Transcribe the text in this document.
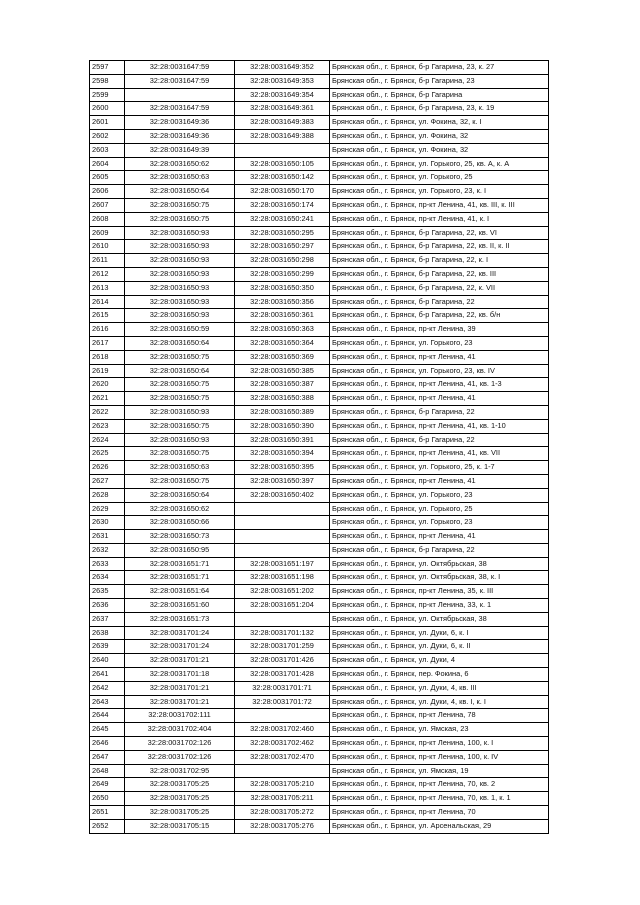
2597	32:28:0031647:59	32:28:0031649:352	Брянская обл., г. Брянск, б-р Гагарина, 23, к. 27
2598	32:28:0031647:59	32:28:0031649:353	Брянская обл., г. Брянск, б-р Гагарина, 23
2599		32:28:0031649:354	Брянская обл., г. Брянск, б-р Гагарина
2600	32:28:0031647:59	32:28:0031649:361	Брянская обл., г. Брянск, б-р Гагарина, 23, к. 19
2601	32:28:0031649:36	32:28:0031649:383	Брянская обл., г. Брянск, ул. Фокина, 32, к. I
2602	32:28:0031649:36	32:28:0031649:388	Брянская обл., г. Брянск, ул. Фокина, 32
2603	32:28:0031649:39		Брянская обл., г. Брянск, ул. Фокина, 32
2604	32:28:0031650:62	32:28:0031650:105	Брянская обл., г. Брянск, ул. Горького, 25, кв. А, к. А
2605	32:28:0031650:63	32:28:0031650:142	Брянская обл., г. Брянск, ул. Горького, 25
2606	32:28:0031650:64	32:28:0031650:170	Брянская обл., г. Брянск, ул. Горького, 23, к. I
2607	32:28:0031650:75	32:28:0031650:174	Брянская обл., г. Брянск, пр-кт Ленина, 41, кв. III, к. III
2608	32:28:0031650:75	32:28:0031650:241	Брянская обл., г. Брянск, пр-кт Ленина, 41, к. I
2609	32:28:0031650:93	32:28:0031650:295	Брянская обл., г. Брянск, б-р Гагарина, 22, кв. VI
2610	32:28:0031650:93	32:28:0031650:297	Брянская обл., г. Брянск, б-р Гагарина, 22, кв. II, к. II
2611	32:28:0031650:93	32:28:0031650:298	Брянская обл., г. Брянск, б-р Гагарина, 22, к. I
2612	32:28:0031650:93	32:28:0031650:299	Брянская обл., г. Брянск, б-р Гагарина, 22, кв. III
2613	32:28:0031650:93	32:28:0031650:350	Брянская обл., г. Брянск, б-р Гагарина, 22, к. VII
2614	32:28:0031650:93	32:28:0031650:356	Брянская обл., г. Брянск, б-р Гагарина, 22
2615	32:28:0031650:93	32:28:0031650:361	Брянская обл., г. Брянск, б-р Гагарина, 22, кв. б/н
2616	32:28:0031650:59	32:28:0031650:363	Брянская обл., г. Брянск, пр-кт Ленина, 39
2617	32:28:0031650:64	32:28:0031650:364	Брянская обл., г. Брянск, ул. Горького, 23
2618	32:28:0031650:75	32:28:0031650:369	Брянская обл., г. Брянск, пр-кт Ленина, 41
2619	32:28:0031650:64	32:28:0031650:385	Брянская обл., г. Брянск, ул. Горького, 23, кв. IV
2620	32:28:0031650:75	32:28:0031650:387	Брянская обл., г. Брянск, пр-кт Ленина, 41, кв. 1-3
2621	32:28:0031650:75	32:28:0031650:388	Брянская обл., г. Брянск, пр-кт Ленина, 41
2622	32:28:0031650:93	32:28:0031650:389	Брянская обл., г. Брянск, б-р Гагарина, 22
2623	32:28:0031650:75	32:28:0031650:390	Брянская обл., г. Брянск, пр-кт Ленина, 41, кв. 1-10
2624	32:28:0031650:93	32:28:0031650:391	Брянская обл., г. Брянск, б-р Гагарина, 22
2625	32:28:0031650:75	32:28:0031650:394	Брянская обл., г. Брянск, пр-кт Ленина, 41, кв. VII
2626	32:28:0031650:63	32:28:0031650:395	Брянская обл., г. Брянск, ул. Горького, 25, к. 1-7
2627	32:28:0031650:75	32:28:0031650:397	Брянская обл., г. Брянск, пр-кт Ленина, 41
2628	32:28:0031650:64	32:28:0031650:402	Брянская обл., г. Брянск, ул. Горького, 23
2629	32:28:0031650:62		Брянская обл., г. Брянск, ул. Горького, 25
2630	32:28:0031650:66		Брянская обл., г. Брянск, ул. Горького, 23
2631	32:28:0031650:73		Брянская обл., г. Брянск, пр-кт Ленина, 41
2632	32:28:0031650:95		Брянская обл., г. Брянск, б-р Гагарина, 22
2633	32:28:0031651:71	32:28:0031651:197	Брянская обл., г. Брянск, ул. Октябрьская, 38
2634	32:28:0031651:71	32:28:0031651:198	Брянская обл., г. Брянск, ул. Октябрьская, 38, к. I
2635	32:28:0031651:64	32:28:0031651:202	Брянская обл., г. Брянск, пр-кт Ленина, 35, к. III
2636	32:28:0031651:60	32:28:0031651:204	Брянская обл., г. Брянск, пр-кт Ленина, 33, к. 1
2637	32:28:0031651:73		Брянская обл., г. Брянск, ул. Октябрьская, 38
2638	32:28:0031701:24	32:28:0031701:132	Брянская обл., г. Брянск, ул. Дуки, 6, к. I
2639	32:28:0031701:24	32:28:0031701:259	Брянская обл., г. Брянск, ул. Дуки, 6, к. II
2640	32:28:0031701:21	32:28:0031701:426	Брянская обл., г. Брянск, ул. Дуки, 4
2641	32:28:0031701:18	32:28:0031701:428	Брянская обл., г. Брянск, пер. Фокина, 6
2642	32:28:0031701:21	32:28:0031701:71	Брянская обл., г. Брянск, ул. Дуки, 4, кв. III
2643	32:28:0031701:21	32:28:0031701:72	Брянская обл., г. Брянск, ул. Дуки, 4, кв. I, к. I
2644	32:28:0031702:111		Брянская обл., г. Брянск, пр-кт Ленина, 78
2645	32:28:0031702:404	32:28:0031702:460	Брянская обл., г. Брянск, ул. Ямская, 23
2646	32:28:0031702:126	32:28:0031702:462	Брянская обл., г. Брянск, пр-кт Ленина, 100, к. I
2647	32:28:0031702:126	32:28:0031702:470	Брянская обл., г. Брянск, пр-кт Ленина, 100, к. IV
2648	32:28:0031702:95		Брянская обл., г. Брянск, ул. Ямская, 19
2649	32:28:0031705:25	32:28:0031705:210	Брянская обл., г. Брянск, пр-кт Ленина, 70, кв. 2
2650	32:28:0031705:25	32:28:0031705:211	Брянская обл., г. Брянск, пр-кт Ленина, 70, кв. 1, к. 1
2651	32:28:0031705:25	32:28:0031705:272	Брянская обл., г. Брянск, пр-кт Ленина, 70
2652	32:28:0031705:15	32:28:0031705:276	Брянская обл., г. Брянск, ул. Арсенальская, 29
